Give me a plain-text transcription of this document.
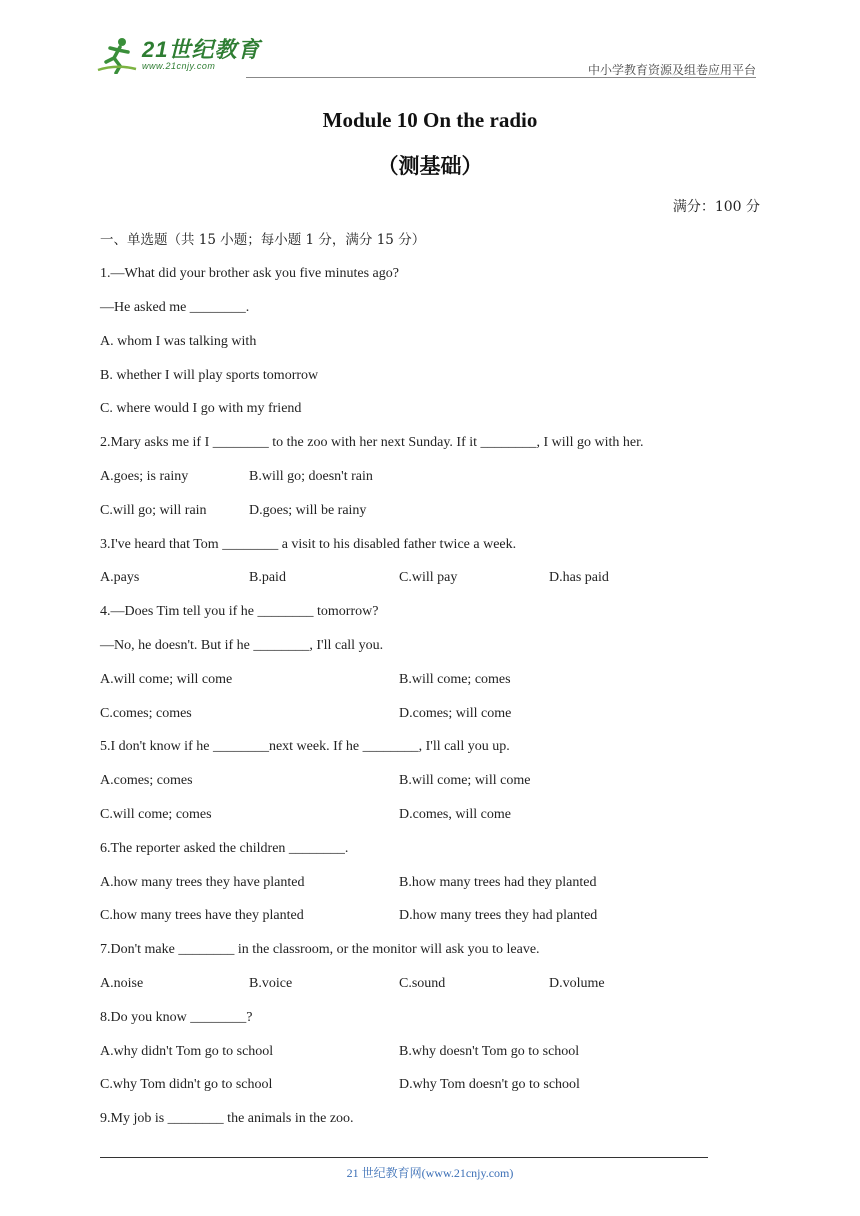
21世纪教育
www.21cnjy.com	中小学教育资源及组卷应用平台
Module 10 On the radio
（测基础）
满分：100 分
一、单选题（共 15 小题；每小题 1 分，满分 15 分）
1.—What did your brother ask you five minutes ago?
—He asked me ________.
A. whom I was talking with
B. whether I will play sports tomorrow
C. where would I go with my friend
2.Mary asks me if I ________ to the zoo with her next Sunday. If it ________, I will go with her.
A.goes; is rainy	B.will go; doesn't rain
C.will go; will rain	D.goes; will be rainy
3.I've heard that Tom ________ a visit to his disabled father twice a week.
A.pays	B.paid	C.will pay	D.has paid
4.—Does Tim tell you if he ________ tomorrow?
—No, he doesn't. But if he ________, I'll call you.
A.will come; will come	B.will come; comes
C.comes; comes	D.comes; will come
5.I don't know if he ________next week. If he ________, I'll call you up.
A.comes; comes	B.will come; will come
C.will come; comes	D.comes, will come
6.The reporter asked the children ________.
A.how many trees they have planted	B.how many trees had they planted
C.how many trees have they planted	D.how many trees they had planted
7.Don't make ________ in the classroom, or the monitor will ask you to leave.
A.noise	B.voice	C.sound	D.volume
8.Do you know ________?
A.why didn't Tom go to school	B.why doesn't Tom go to school
C.why Tom didn't go to school	D.why Tom doesn't go to school
9.My job is ________ the animals in the zoo.
21 世纪教育网(www.21cnjy.com)
